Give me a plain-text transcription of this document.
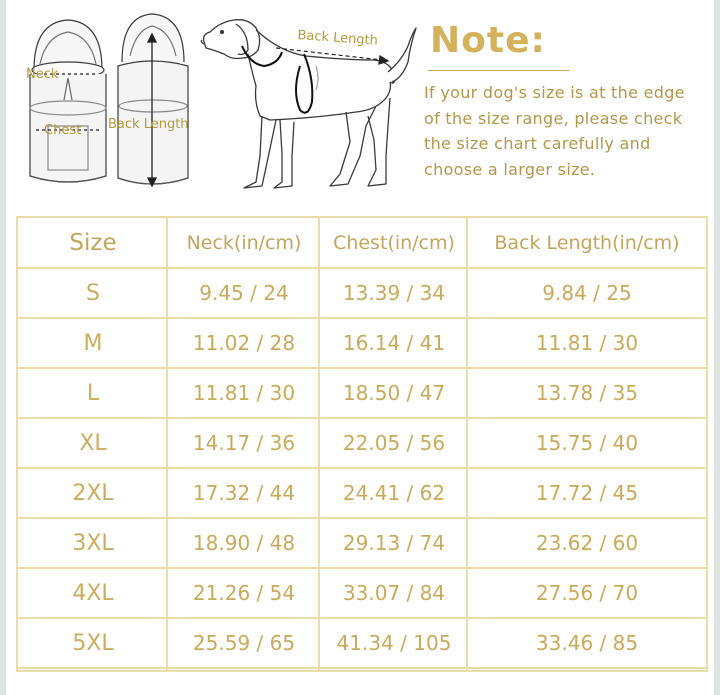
Neck
Chest Back Length
Back Length Note:
If your dog's size is at the edge
of the size range, please check
the size chart carefully and
choose a larger size.
Size	Neck(in/cm)	Chest(in/cm)	Back Length(in/cm)
S	9.45 / 24	13.39 / 34	9.84 / 25
M	11.02 / 28	16.14 / 41	11.81 / 30
L	11.81 / 30	18.50 / 47	13.78 / 35
XL	14.17 / 36	22.05 / 56	15.75 / 40
2XL	17.32 / 44	24.41 / 62	17.72 / 45
3XL	18.90 / 48	29.13 / 74	23.62 / 60
4XL	21.26 / 54	33.07 / 84	27.56 / 70
5XL	25.59 / 65	41.34 / 105	33.46 / 85
